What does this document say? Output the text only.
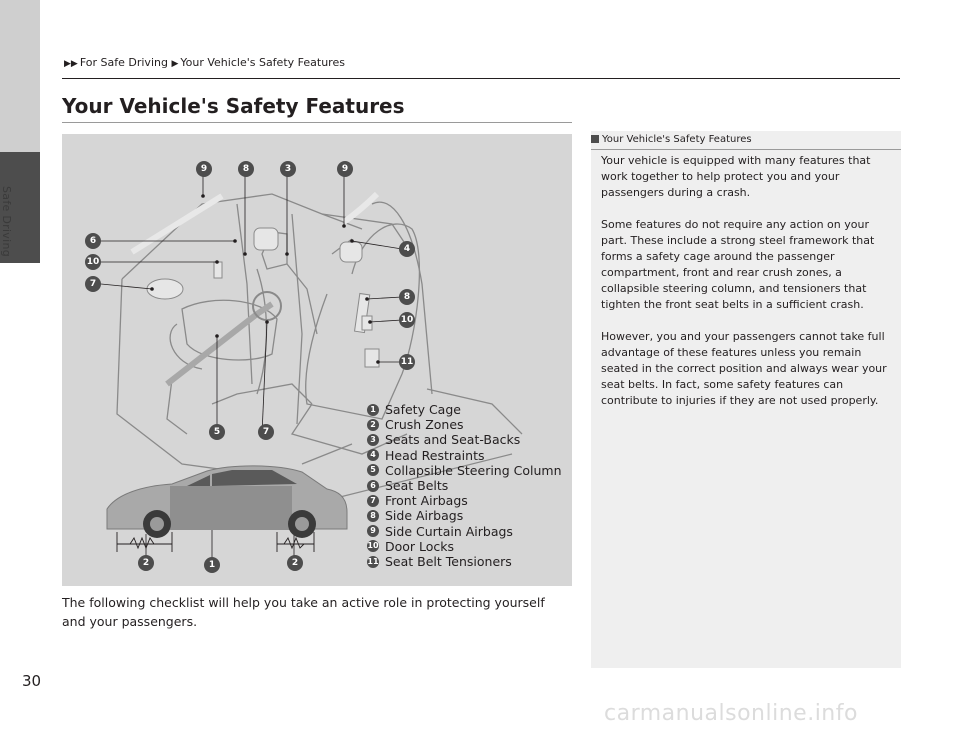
Safe Driving
▶▶ For Safe Driving ▶ Your Vehicle's Safety Features
Your Vehicle's Safety Features
9	8	3	9
6
10
4
7
8
10
11
5	7
2	1	2
1 Safety Cage
2 Crush Zones
3 Seats and Seat-Backs
4 Head Restraints
5 Collapsible Steering Column
6 Seat Belts
7 Front Airbags
8 Side Airbags
9 Side Curtain Airbags
10 Door Locks
11 Seat Belt Tensioners
The following checklist will help you take an active role in protecting yourself and your passengers.
Your Vehicle's Safety Features

Your vehicle is equipped with many features that work together to help protect you and your passengers during a crash.

Some features do not require any action on your part. These include a strong steel framework that forms a safety cage around the passenger compartment, front and rear crush zones, a collapsible steering column, and tensioners that tighten the front seat belts in a sufficient crash.

However, you and your passengers cannot take full advantage of these features unless you remain seated in the correct position and always wear your seat belts. In fact, some safety features can contribute to injuries if they are not used properly.

30
carmanualsonline.info
